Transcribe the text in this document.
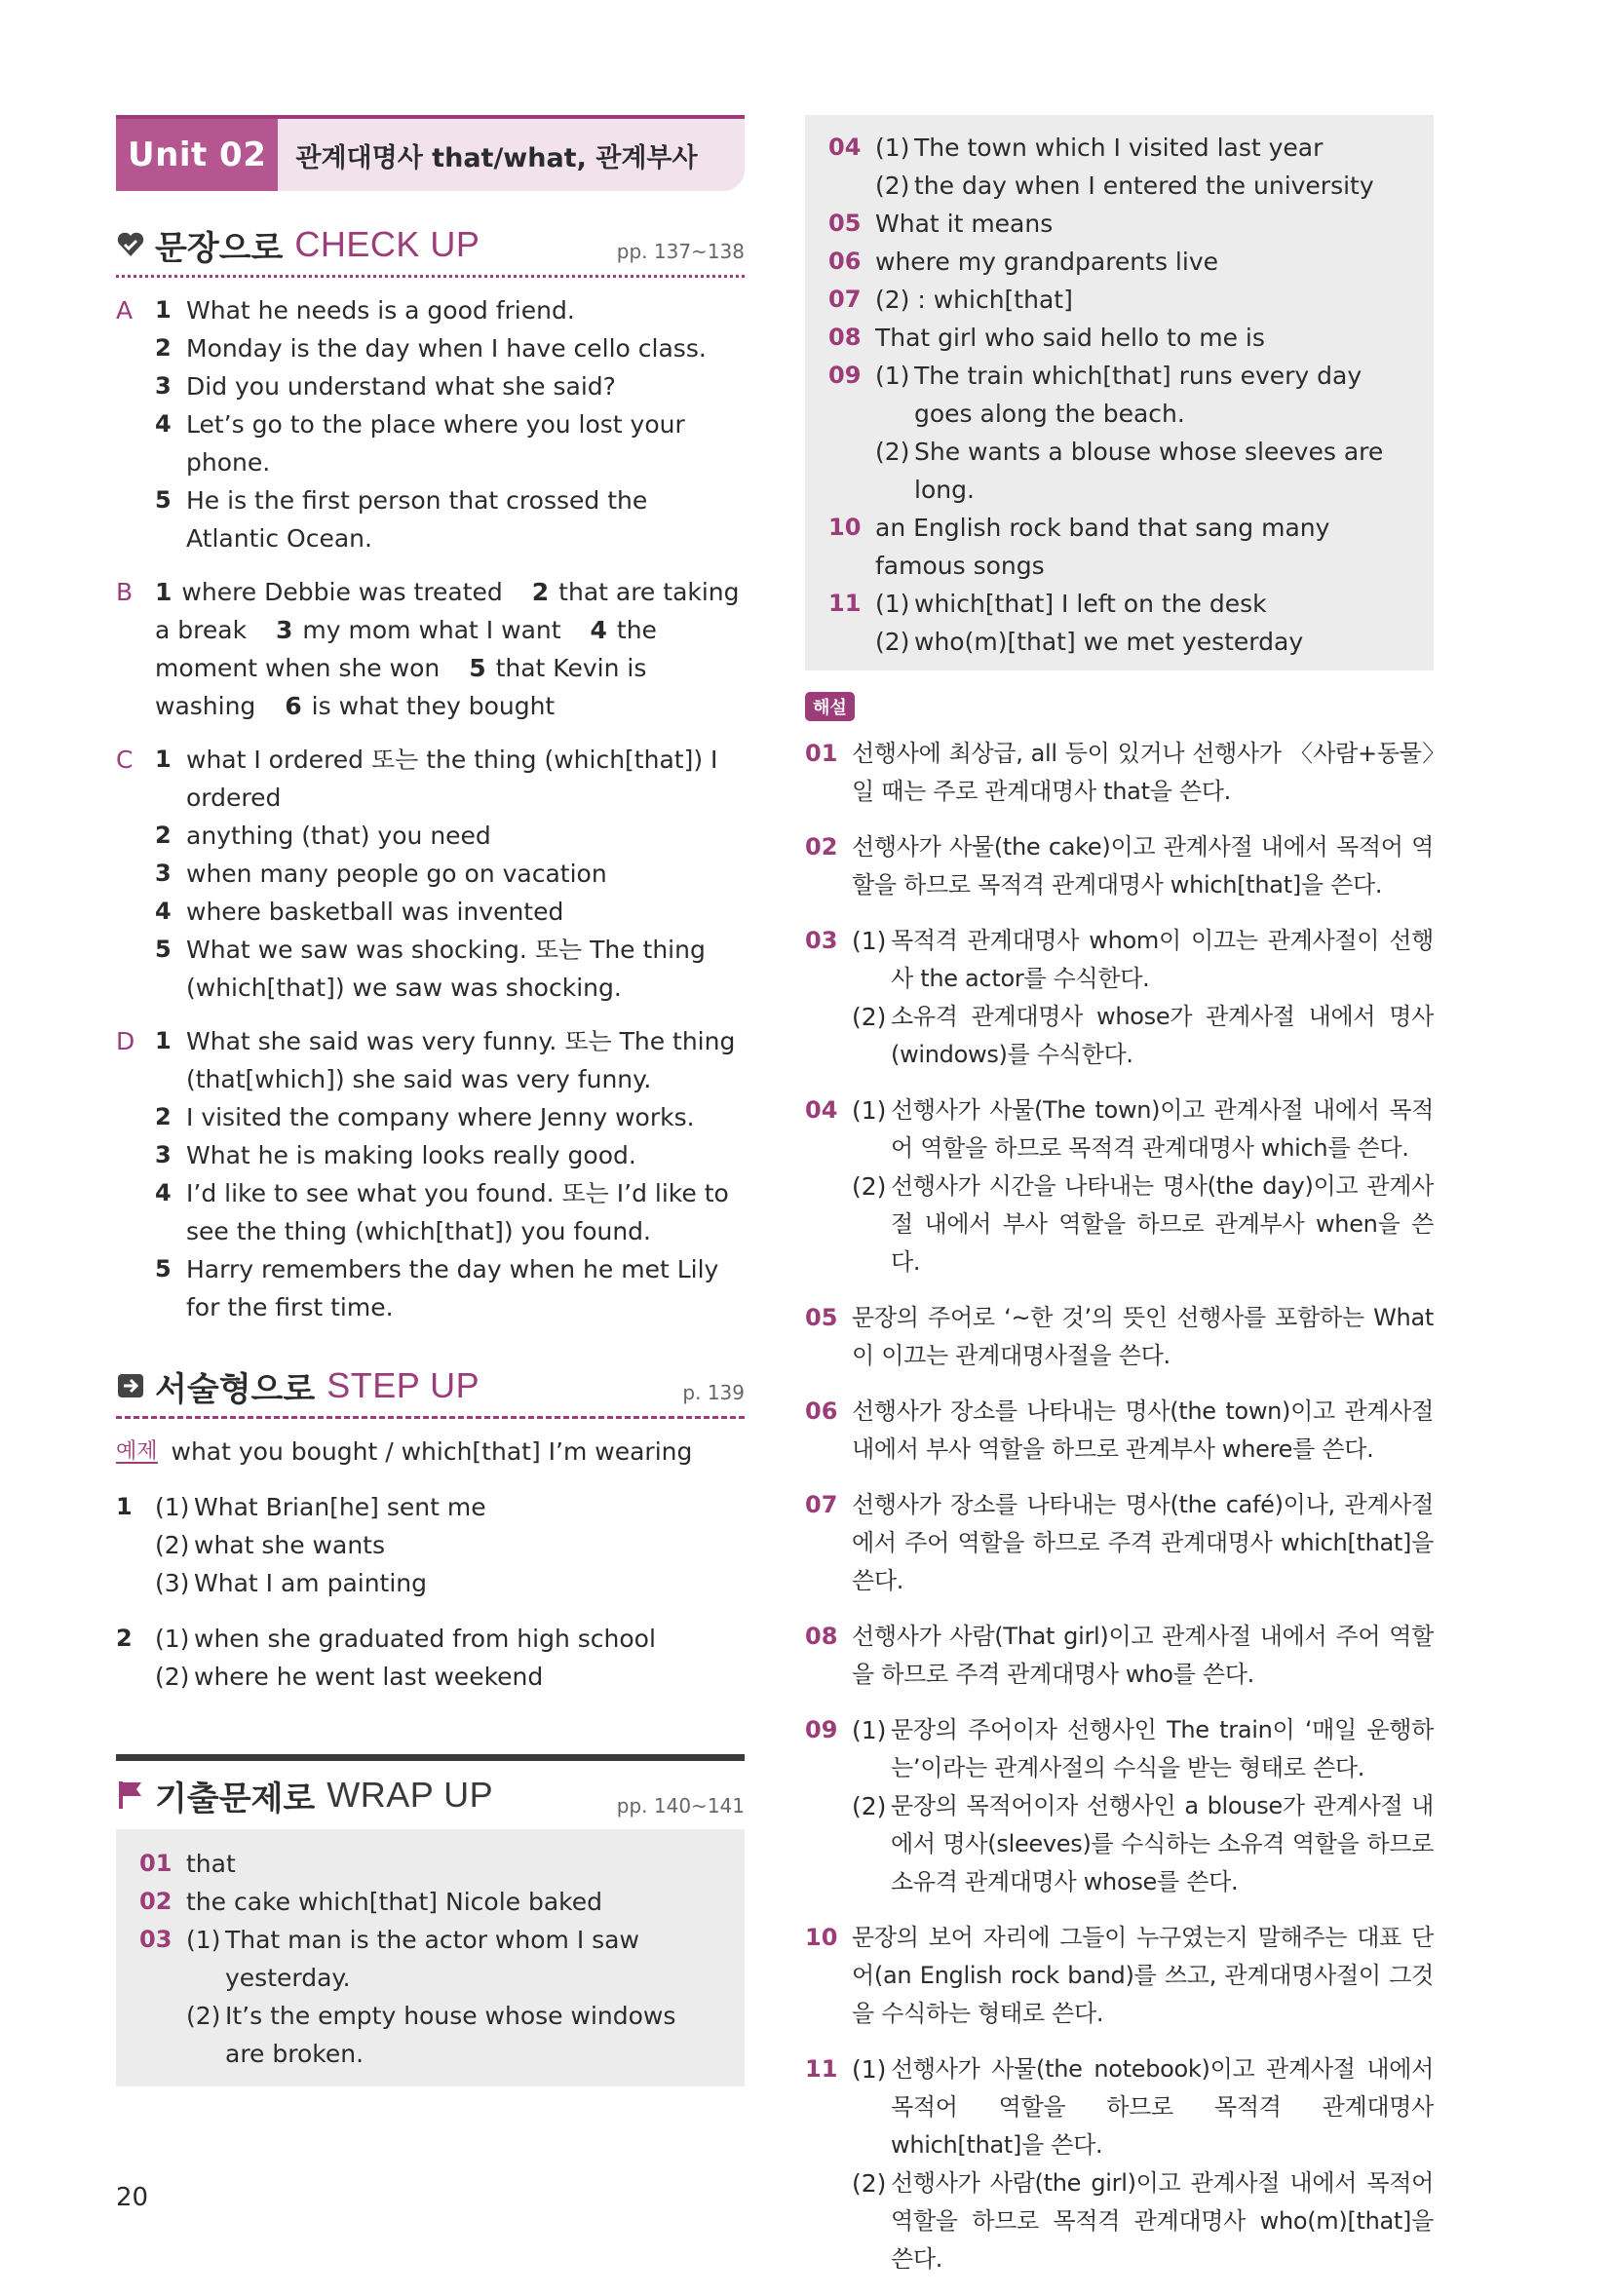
Unit 02	관계대명사 that/what, 관계부사
문장으로 CHECK UP	pp. 137~138
A 1 What he needs is a good friend.
2 Monday is the day when I have cello class.
3 Did you understand what she said?
4 Let’s go to the place where you lost your phone.
5 He is the first person that crossed the Atlantic Ocean.
B 1 where Debbie was treated 2 that are taking a break 3 my mom what I want 4 the moment when she won 5 that Kevin is washing 6 is what they bought
C 1 what I ordered 또는 the thing (which[that]) I ordered
2 anything (that) you need
3 when many people go on vacation
4 where basketball was invented
5 What we saw was shocking. 또는 The thing (which[that]) we saw was shocking.
D 1 What she said was very funny. 또는 The thing (that[which]) she said was very funny.
2 I visited the company where Jenny works.
3 What he is making looks really good.
4 I’d like to see what you found. 또는 I’d like to see the thing (which[that]) you found.
5 Harry remembers the day when he met Lily for the first time.
서술형으로 STEP UP	p. 139
예제 what you bought / which[that] I’m wearing
1 (1) What Brian[he] sent me
(2) what she wants
(3) What I am painting
2 (1) when she graduated from high school
(2) where he went last weekend
기출문제로 WRAP UP	pp. 140~141
01 that
02 the cake which[that] Nicole baked
03 (1) That man is the actor whom I saw yesterday.
(2) It’s the empty house whose windows are broken.
04 (1) The town which I visited last year
(2) the day when I entered the university
05 What it means
06 where my grandparents live
07 (2) : which[that]
08 That girl who said hello to me is
09 (1) The train which[that] runs every day goes along the beach.
(2) She wants a blouse whose sleeves are long.
10 an English rock band that sang many famous songs
11 (1) which[that] I left on the desk
(2) who(m)[that] we met yesterday
해설
01 선행사에 최상급, all 등이 있거나 선행사가 〈사람+동물〉일 때는 주로 관계대명사 that을 쓴다.
02 선행사가 사물(the cake)이고 관계사절 내에서 목적어 역할을 하므로 목적격 관계대명사 which[that]을 쓴다.
03 (1) 목적격 관계대명사 whom이 이끄는 관계사절이 선행사 the actor를 수식한다.
(2) 소유격 관계대명사 whose가 관계사절 내에서 명사(windows)를 수식한다.
04 (1) 선행사가 사물(The town)이고 관계사절 내에서 목적어 역할을 하므로 목적격 관계대명사 which를 쓴다.
(2) 선행사가 시간을 나타내는 명사(the day)이고 관계사절 내에서 부사 역할을 하므로 관계부사 when을 쓴다.
05 문장의 주어로 ‘~한 것’의 뜻인 선행사를 포함하는 What이 이끄는 관계대명사절을 쓴다.
06 선행사가 장소를 나타내는 명사(the town)이고 관계사절 내에서 부사 역할을 하므로 관계부사 where를 쓴다.
07 선행사가 장소를 나타내는 명사(the café)이나, 관계사절에서 주어 역할을 하므로 주격 관계대명사 which[that]을 쓴다.
08 선행사가 사람(That girl)이고 관계사절 내에서 주어 역할을 하므로 주격 관계대명사 who를 쓴다.
09 (1) 문장의 주어이자 선행사인 The train이 ‘매일 운행하는’이라는 관계사절의 수식을 받는 형태로 쓴다.
(2) 문장의 목적어이자 선행사인 a blouse가 관계사절 내에서 명사(sleeves)를 수식하는 소유격 역할을 하므로 소유격 관계대명사 whose를 쓴다.
10 문장의 보어 자리에 그들이 누구였는지 말해주는 대표 단어(an English rock band)를 쓰고, 관계대명사절이 그것을 수식하는 형태로 쓴다.
11 (1) 선행사가 사물(the notebook)이고 관계사절 내에서 목적어 역할을 하므로 목적격 관계대명사 which[that]을 쓴다.
(2) 선행사가 사람(the girl)이고 관계사절 내에서 목적어 역할을 하므로 목적격 관계대명사 who(m)[that]을 쓴다.
20
